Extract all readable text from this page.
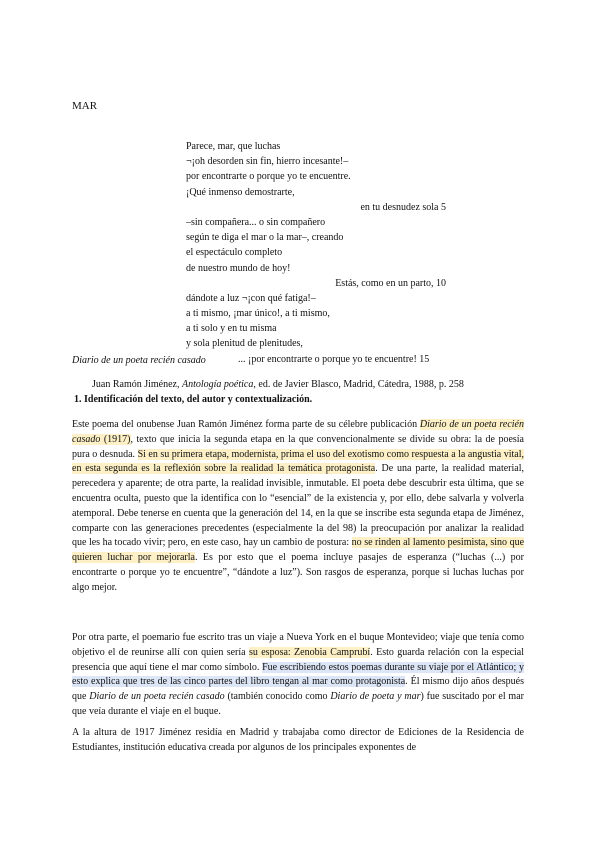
MAR
Parece, mar, que luchas
¬¡oh desorden sin fin, hierro incesante!–
por encontrarte o porque yo te encuentre.
¡Qué inmenso demostrarte,
en tu desnudez sola 5
–sin compañera... o sin compañero
según te diga el mar o la mar–, creando
el espectáculo completo
de nuestro mundo de hoy!
Estás, como en un parto, 10
dándote a luz ¬¡con qué fatiga!–
a ti mismo, ¡mar único!, a ti mismo,
a ti solo y en tu misma
y sola plenitud de plenitudes,
... ¡por encontrarte o porque yo te encuentre! 15
Diario de un poeta recién casado
Juan Ramón Jiménez, Antología poética, ed. de Javier Blasco, Madrid, Cátedra, 1988, p. 258
1. Identificación del texto, del autor y contextualización.
Este poema del onubense Juan Ramón Jiménez forma parte de su célebre publicación Diario de un poeta recién casado (1917), texto que inicia la segunda etapa en la que convencionalmente se divide su obra: la de poesía pura o desnuda. Si en su primera etapa, modernista, prima el uso del exotismo como respuesta a la angustia vital, en esta segunda es la reflexión sobre la realidad la temática protagonista. De una parte, la realidad material, perecedera y aparente; de otra parte, la realidad invisible, inmutable. El poeta debe descubrir esta última, que se encuentra oculta, puesto que la identifica con lo “esencial” de la existencia y, por ello, debe salvarla y volverla atemporal. Debe tenerse en cuenta que la generación del 14, en la que se inscribe esta segunda etapa de Jiménez, comparte con las generaciones precedentes (especialmente la del 98) la preocupación por analizar la realidad que les ha tocado vivir; pero, en este caso, hay un cambio de postura: no se rinden al lamento pesimista, sino que quieren luchar por mejorarla. Es por esto que el poema incluye pasajes de esperanza (“luchas (...) por encontrarte o porque yo te encuentre”, “dándote a luz”). Son rasgos de esperanza, porque si luchas luchas por algo mejor.
Por otra parte, el poemario fue escrito tras un viaje a Nueva York en el buque Montevideo; viaje que tenía como objetivo el de reunirse allí con quien sería su esposa: Zenobia Camprubí. Esto guarda relación con la especial presencia que aquí tiene el mar como símbolo. Fue escribiendo estos poemas durante su viaje por el Atlántico; y esto explica que tres de las cinco partes del libro tengan al mar como protagonista. Él mismo dijo años después que Diario de un poeta recién casado (también conocido como Diario de poeta y mar) fue suscitado por el mar que veía durante el viaje en el buque.
A la altura de 1917 Jiménez residía en Madrid y trabajaba como director de Ediciones de la Residencia de Estudiantes, institución educativa creada por algunos de los principales exponentes de
